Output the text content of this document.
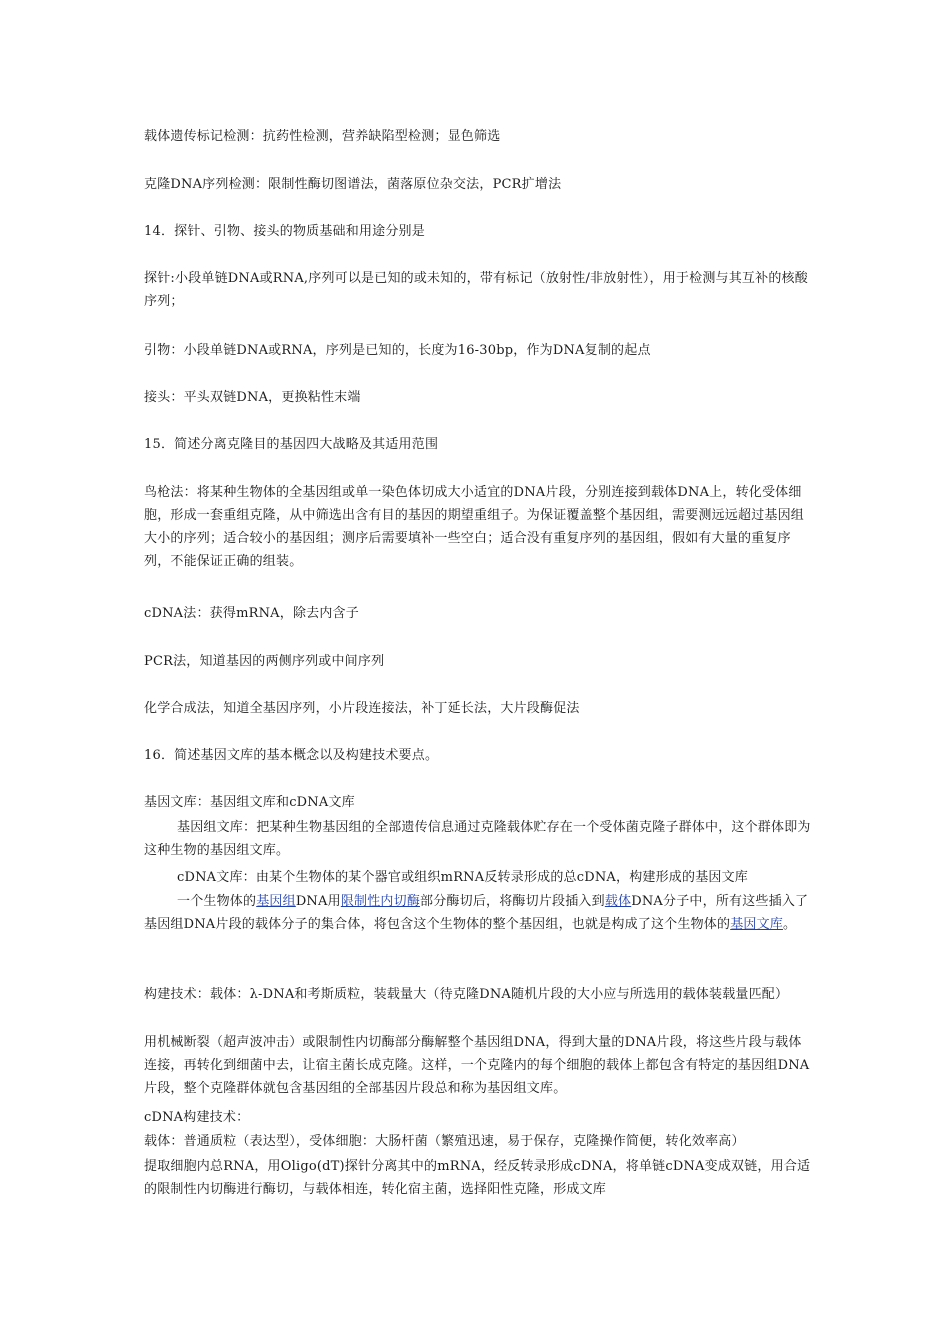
载体遗传标记检测：抗药性检测，营养缺陷型检测；显色筛选
克隆DNA序列检测：限制性酶切图谱法，菌落原位杂交法，PCR扩增法
14．探针、引物、接头的物质基础和用途分别是
探针:小段单链DNA或RNA,序列可以是已知的或未知的，带有标记（放射性/非放射性），用于检测与其互补的核酸序列；
引物：小段单链DNA或RNA，序列是已知的，长度为16-30bp，作为DNA复制的起点
接头：平头双链DNA，更换粘性末端
15．简述分离克隆目的基因四大战略及其适用范围
鸟枪法：将某种生物体的全基因组或单一染色体切成大小适宜的DNA片段，分别连接到载体DNA上，转化受体细胞，形成一套重组克隆，从中筛选出含有目的基因的期望重组子。为保证覆盖整个基因组，需要测远远超过基因组大小的序列；适合较小的基因组；测序后需要填补一些空白；适合没有重复序列的基因组，假如有大量的重复序列，不能保证正确的组装。
cDNA法：获得mRNA，除去内含子
PCR法，知道基因的两侧序列或中间序列
化学合成法，知道全基因序列，小片段连接法，补丁延长法，大片段酶促法
16．简述基因文库的基本概念以及构建技术要点。
基因文库：基因组文库和cDNA文库
基因组文库：把某种生物基因组的全部遗传信息通过克隆载体贮存在一个受体菌克隆子群体中，这个群体即为这种生物的基因组文库。
cDNA文库：由某个生物体的某个器官或组织mRNA反转录形成的总cDNA，构建形成的基因文库
一个生物体的基因组DNA用限制性内切酶部分酶切后，将酶切片段插入到载体DNA分子中，所有这些插入了基因组DNA片段的载体分子的集合体，将包含这个生物体的整个基因组，也就是构成了这个生物体的基因文库。
构建技术：载体：λ-DNA和考斯质粒，装载量大（待克隆DNA随机片段的大小应与所选用的载体装载量匹配）
用机械断裂（超声波冲击）或限制性内切酶部分酶解整个基因组DNA，得到大量的DNA片段，将这些片段与载体连接，再转化到细菌中去，让宿主菌长成克隆。这样，一个克隆内的每个细胞的载体上都包含有特定的基因组DNA片段，整个克隆群体就包含基因组的全部基因片段总和称为基因组文库。
cDNA构建技术：
载体：普通质粒（表达型），受体细胞：大肠杆菌（繁殖迅速，易于保存，克隆操作简便，转化效率高）
提取细胞内总RNA，用Oligo(dT)探针分离其中的mRNA，经反转录形成cDNA，将单链cDNA变成双链，用合适的限制性内切酶进行酶切，与载体相连，转化宿主菌，选择阳性克隆，形成文库
